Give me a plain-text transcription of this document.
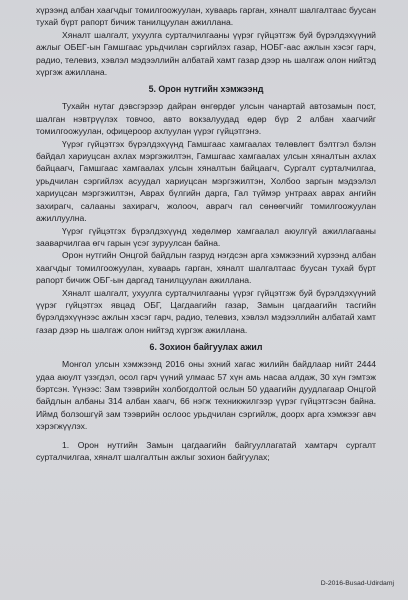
хүрээнд албан хаагчдыг томилгоожуулан, хуваарь гарган, хяналт шалгалтаас буусан тухай бүрт рапорт бичиж танилцуулан ажиллана.

Хяналт шалгалт, ухуулга сурталчилгааны үүрэг гүйцэтгэж буй бүрэлдэхүүний ажлыг ОБЕГ-ын Гамшгаас урьдчилан сэргийлэх газар, НОБГ-аас ажлын хэсэг гарч, радио, телевиз, хэвлэл мэдээллийн албатай хамт газар дээр нь шалгаж олон нийтэд хүргэж ажиллана.

5. Орон нутгийн хэмжээнд

Тухайн нутаг дэвсгэрээр дайран өнгөрдөг улсын чанартай автозамын пост, шалган нэвтрүүлэх товчоо, авто вокзалуудад өдөр бүр 2 албан хаагчийг томилгоожуулан, офицероор ахлуулан үүрэг гүйцэтгэнэ.

Үүрэг гүйцэтгэх бүрэлдэхүүнд Гамшгаас хамгаалах төлөвлөгт бэлтгэл бэлэн байдал хариуцсан ахлах мэргэжилтэн, Гамшгаас хамгаалах улсын хяналтын ахлах байцаагч, Гамшгаас хамгаалах улсын хяналтын байцаагч, Сургалт сурталчилгаа, урьдчилан сэргийлэх асуудал хариуцсан мэргэжилтэн, Холбоо заргын мэдээлэл хариуцсан мэргэжилтэн, Аврах бүлгийн дарга, Гал түймэр унтраах аврах ангийн захирагч, салааны захирагч, жолооч, аврагч гал сөнөөгчийг томилгоожуулан ажиллуулна.

Үүрэг гүйцэтгэх бүрэлдэхүүнд хөдөлмөр хамгаалал аюулгүй ажиллагааны зааварчилгаа өгч гарын үсэг зуруулсан байна.

Орон нутгийн Онцгой байдлын газруд нэгдсэн арга хэмжээний хүрээнд албан хаагчдыг томилгоожуулан, хуваарь гарган, хяналт шалгалтаас буусан тухай бүрт рапорт бичиж ОБГ-ын даргад танилцуулан ажиллана.

Хяналт шалгалт, ухуулга сурталчилгааны үүрэг гүйцэтгэж буй бүрэлдэхүүний үүрэг гүйцэтгэх явцад ОБГ, Цагдаагийн газар, Замын цагдаагийн тасгийн бүрэлдэхүүнээс ажлын хэсэг гарч, радио, телевиз, хэвлэл мэдээллийн албатай хамт газар дээр нь шалгаж олон нийтэд хүргэж ажиллана.

6. Зохион байгуулах ажил

Монгол улсын хэмжээнд 2016 оны эхний хагас жилийн байдлаар нийт 2444 удаа аюулт үзэгдэл, осол гарч үүний улмаас 57 хүн амь насаа алдаж, 30 хүн гэмтэж бэртсэн. Үүнээс: Зам тээврийн холбогдолтой ослын 50 удаагийн дуудлагаар Онцгой байдлын албаны 314 албан хаагч, 66 нэгж техникжилгээр үүрэг гүйцэтгэсэн байна. Иймд болзошгүй зам тээврийн ослоос урьдчилан сэргийлж, доорх арга хэмжээг авч хэрэгжүүлэх.

1. Орон нутгийн Замын цагдаагийн байгууллагатай хамтарч сургалт сурталчилгаа, хяналт шалгалтын ажлыг зохион байгуулах;

D-2016-Busad-Udirdamj
